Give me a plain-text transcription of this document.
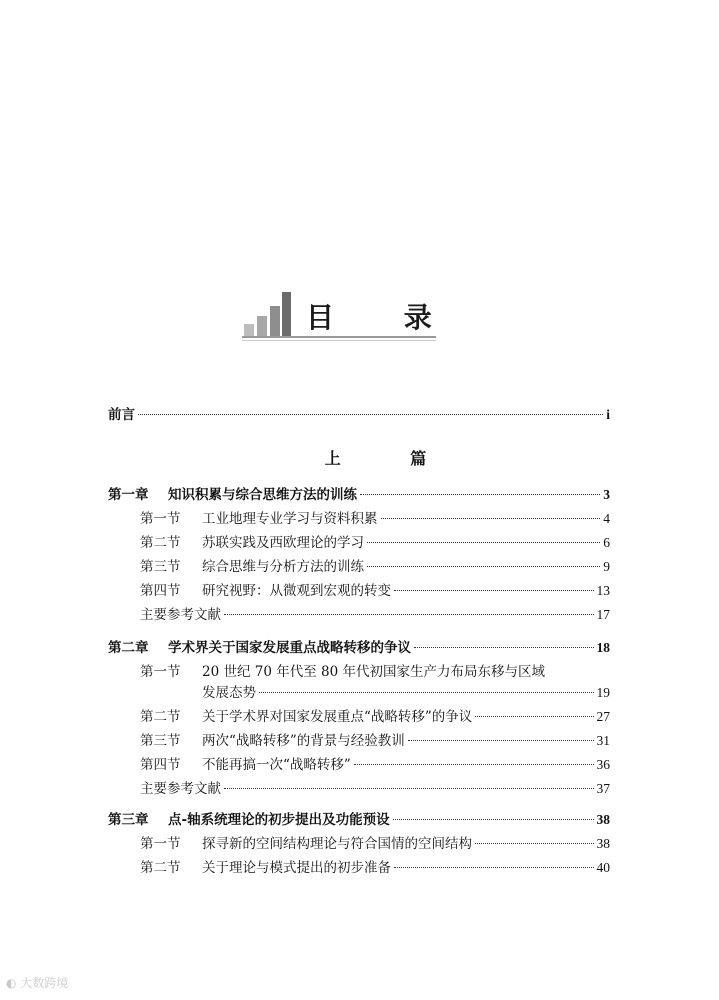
目 录
前言	i
上 篇
第一章 知识积累与综合思维方法的训练	3
第一节 工业地理专业学习与资料积累	4
第二节 苏联实践及西欧理论的学习	6
第三节 综合思维与分析方法的训练	9
第四节 研究视野：从微观到宏观的转变	13
主要参考文献	17
第二章 学术界关于国家发展重点战略转移的争议	18
第一节 20 世纪 70 年代至 80 年代初国家生产力布局东移与区域
发展态势	19
第二节 关于学术界对国家发展重点“战略转移”的争议	27
第三节 两次“战略转移”的背景与经验教训	31
第四节 不能再搞一次“战略转移”	36
主要参考文献	37
第三章 点-轴系统理论的初步提出及功能预设	38
第一节 探寻新的空间结构理论与符合国情的空间结构	38
第二节 关于理论与模式提出的初步准备	40
◐ 大数跨境
